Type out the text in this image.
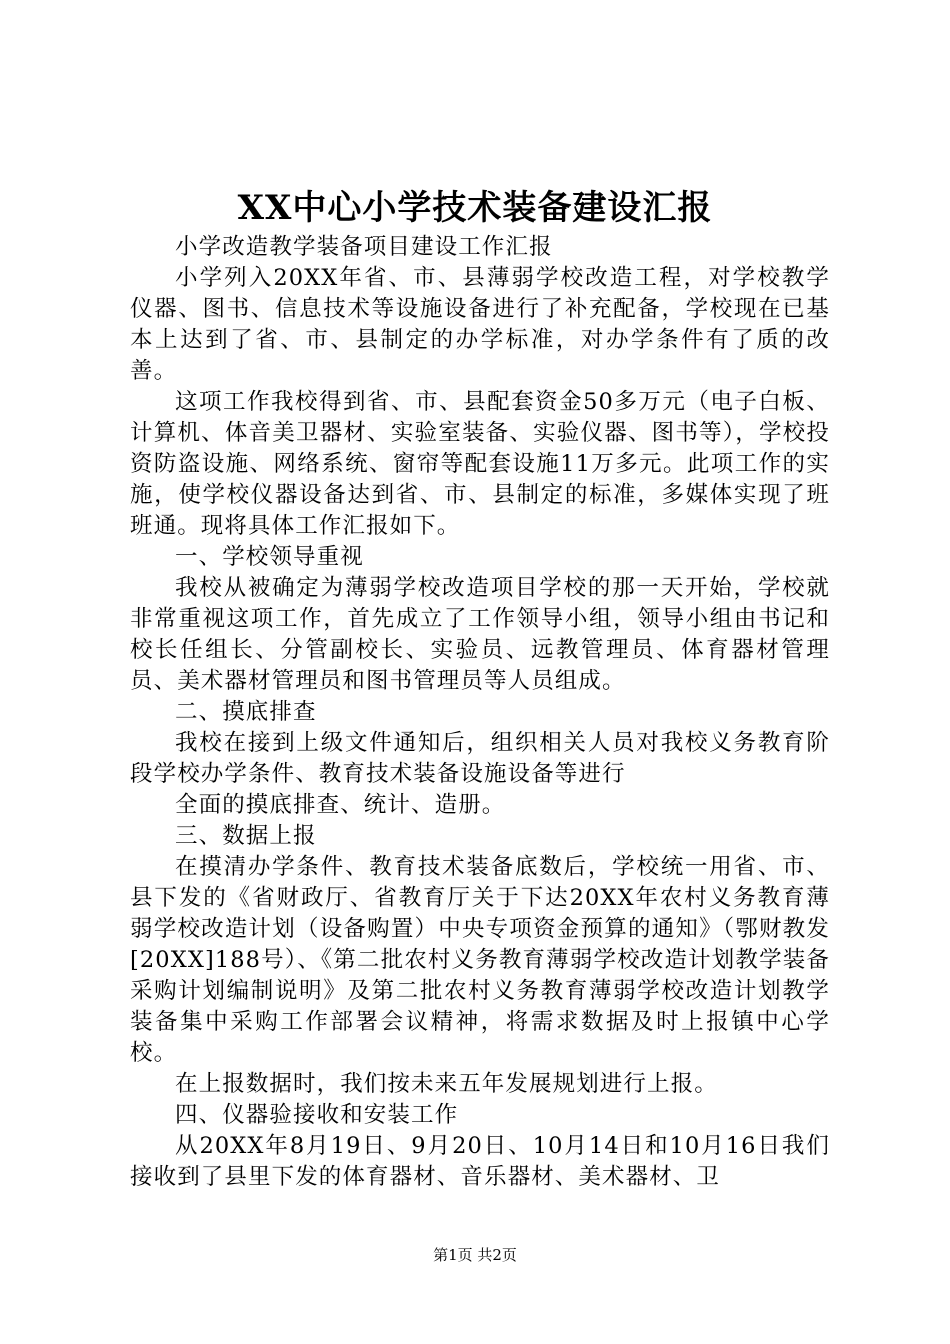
XX中心小学技术装备建设汇报

小学改造教学装备项目建设工作汇报

小学列入20XX年省、市、县薄弱学校改造工程，对学校教学仪器、图书、信息技术等设施设备进行了补充配备，学校现在已基本上达到了省、市、县制定的办学标准，对办学条件有了质的改善。

这项工作我校得到省、市、县配套资金50多万元（电子白板、计算机、体音美卫器材、实验室装备、实验仪器、图书等），学校投资防盗设施、网络系统、窗帘等配套设施11万多元。此项工作的实施，使学校仪器设备达到省、市、县制定的标准，多媒体实现了班班通。现将具体工作汇报如下。

一、学校领导重视

我校从被确定为薄弱学校改造项目学校的那一天开始，学校就非常重视这项工作，首先成立了工作领导小组，领导小组由书记和校长任组长、分管副校长、实验员、远教管理员、体育器材管理员、美术器材管理员和图书管理员等人员组成。

二、摸底排查

我校在接到上级文件通知后，组织相关人员对我校义务教育阶段学校办学条件、教育技术装备设施设备等进行

全面的摸底排查、统计、造册。

三、数据上报

在摸清办学条件、教育技术装备底数后，学校统一用省、市、县下发的《省财政厅、省教育厅关于下达20XX年农村义务教育薄弱学校改造计划（设备购置）中央专项资金预算的通知》（鄂财教发[20XX]188号）、《第二批农村义务教育薄弱学校改造计划教学装备采购计划编制说明》及第二批农村义务教育薄弱学校改造计划教学装备集中采购工作部署会议精神，将需求数据及时上报镇中心学校。

在上报数据时，我们按未来五年发展规划进行上报。

四、仪器验接收和安装工作

从20XX年8月19日、9月20日、10月14日和10月16日我们接收到了县里下发的体育器材、音乐器材、美术器材、卫

第1页 共2页
